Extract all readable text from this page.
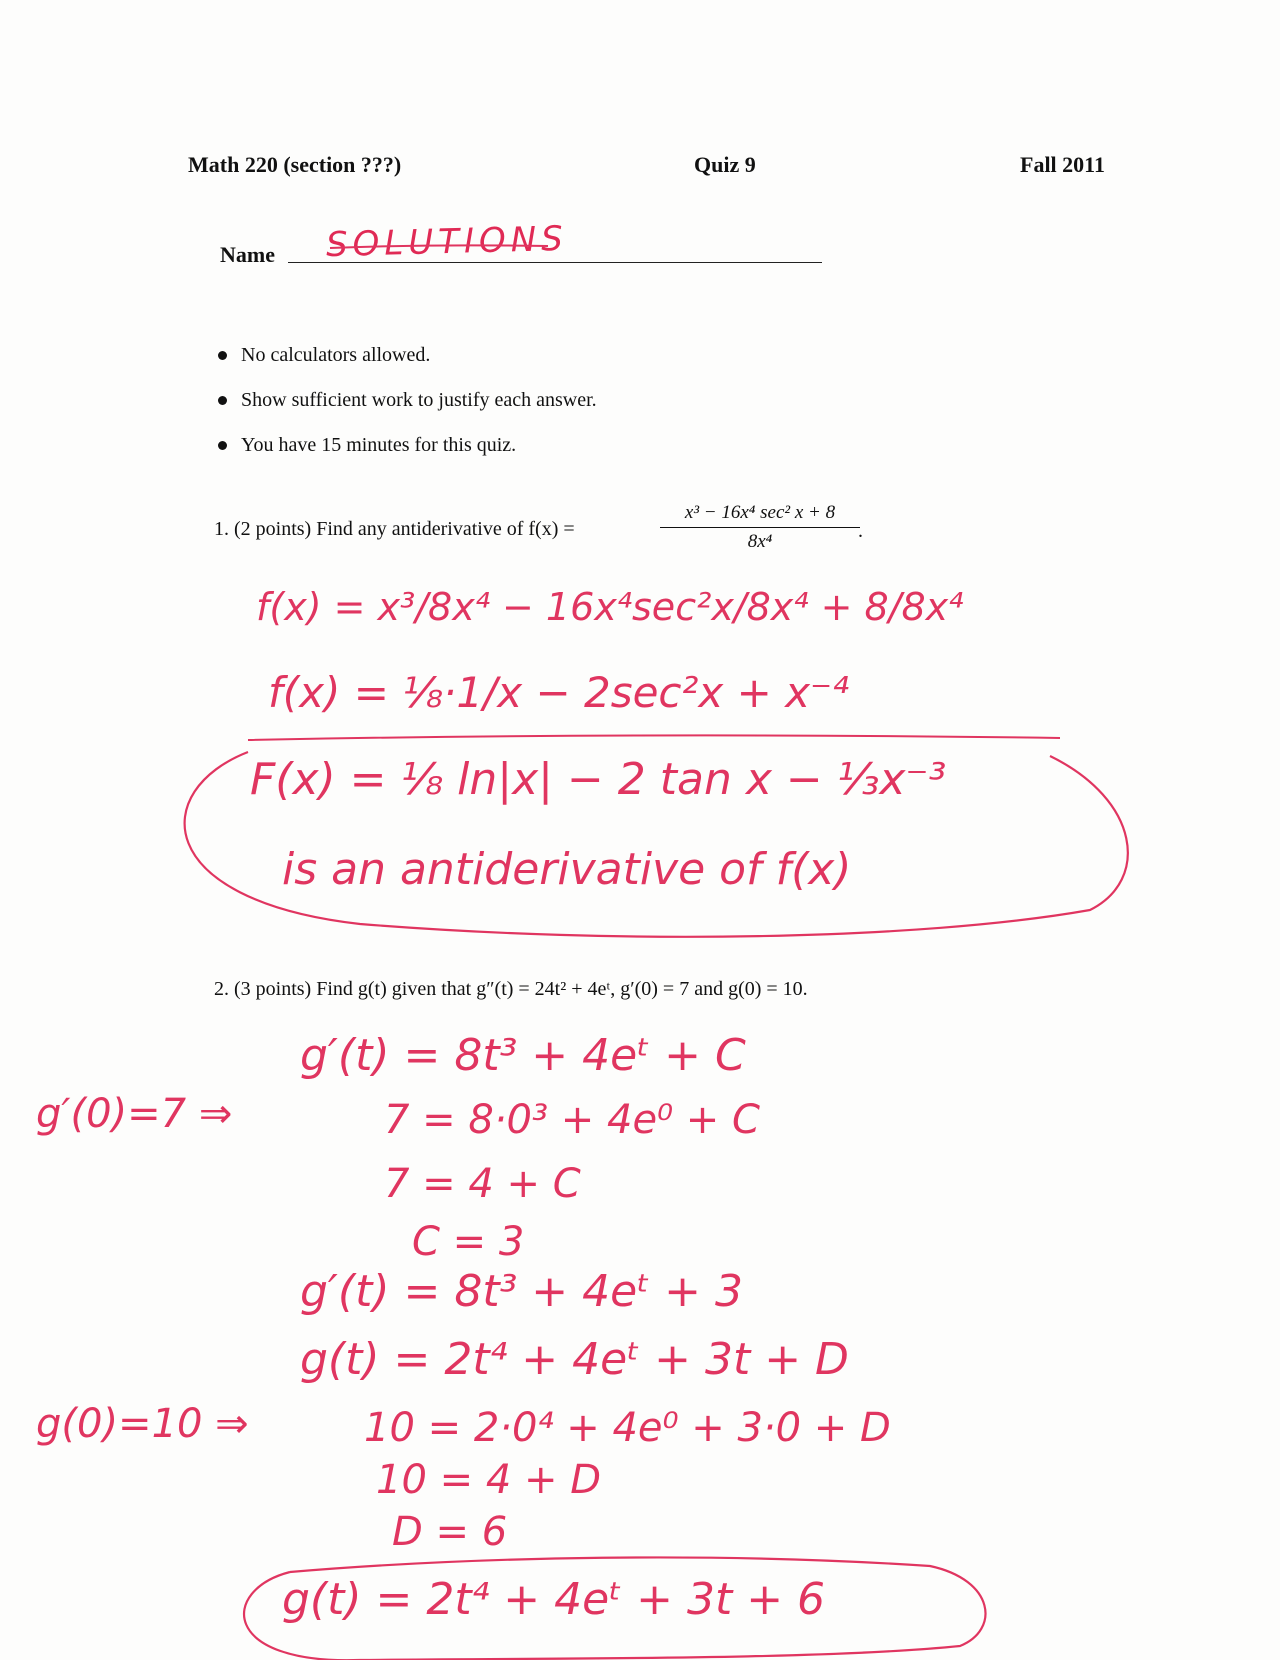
Math 220 (section ???)	Quiz 9	Fall 2011
Name SOLUTIONS
No calculators allowed.
Show sufficient work to justify each answer.
You have 15 minutes for this quiz.
1. (2 points) Find any antiderivative of f(x) =
x³ − 16x⁴ sec² x + 8
8x⁴	.
f(x) = x³/8x⁴ − 16x⁴sec²x/8x⁴ + 8/8x⁴
f(x) = ⅛·1/x − 2sec²x + x⁻⁴
F(x) = ⅛ ln|x| − 2 tan x − ⅓x⁻³
is an antiderivative of f(x)
2. (3 points) Find g(t) given that g″(t) = 24t² + 4eᵗ, g′(0) = 7 and g(0) = 10.
g′(0)=7 ⇒
g(0)=10 ⇒
g′(t) = 8t³ + 4eᵗ + C
7 = 8·0³ + 4e⁰ + C
7 = 4 + C
C = 3
g′(t) = 8t³ + 4eᵗ + 3
g(t) = 2t⁴ + 4eᵗ + 3t + D
10 = 2·0⁴ + 4e⁰ + 3·0 + D
10 = 4 + D
D = 6
g(t) = 2t⁴ + 4eᵗ + 3t + 6
